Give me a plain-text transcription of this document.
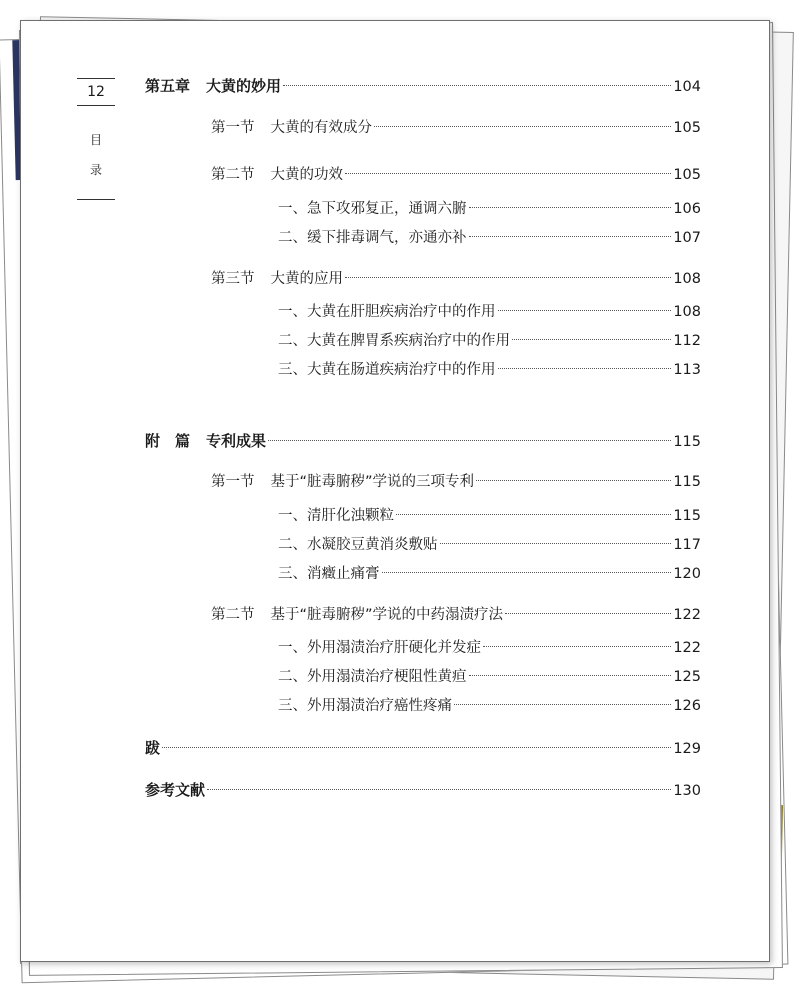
12
目
录
第五章 大黄的妙用	104
第一节 大黄的有效成分	105
第二节 大黄的功效	105
一、急下攻邪复正，通调六腑	106
二、缓下排毒调气，亦通亦补	107
第三节 大黄的应用	108
一、大黄在肝胆疾病治疗中的作用	108
二、大黄在脾胃系疾病治疗中的作用	112
三、大黄在肠道疾病治疗中的作用	113
附　篇 专利成果	115
第一节 基于“脏毒腑秽”学说的三项专利	115
一、清肝化浊颗粒	115
二、水凝胶豆黄消炎敷贴	117
三、消癥止痛膏	120
第二节 基于“脏毒腑秽”学说的中药溻渍疗法	122
一、外用溻渍治疗肝硬化并发症	122
二、外用溻渍治疗梗阻性黄疸	125
三、外用溻渍治疗癌性疼痛	126
跋	129
参考文献	130
